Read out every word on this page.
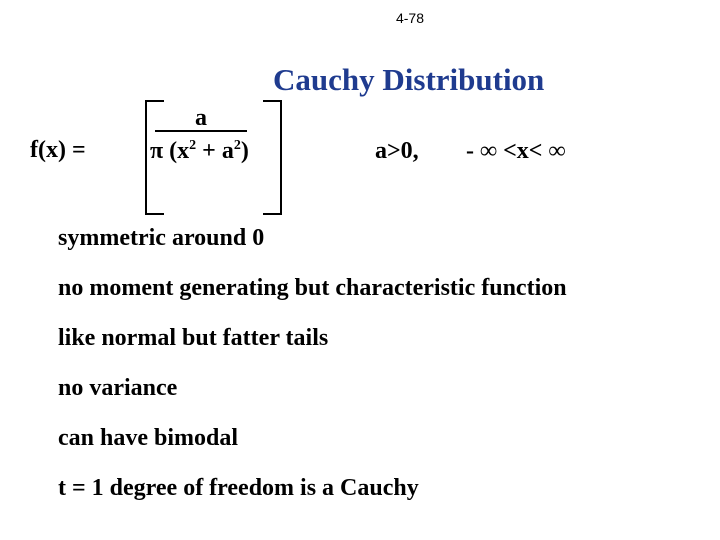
4-78
Cauchy Distribution
f(x) =
a
π $(x^2 + a^2)$	a>0, - ∞ <x< ∞
symmetric around 0
no moment generating but characteristic function
like normal but fatter tails
no variance
can have bimodal
t = 1 degree of freedom is a Cauchy
